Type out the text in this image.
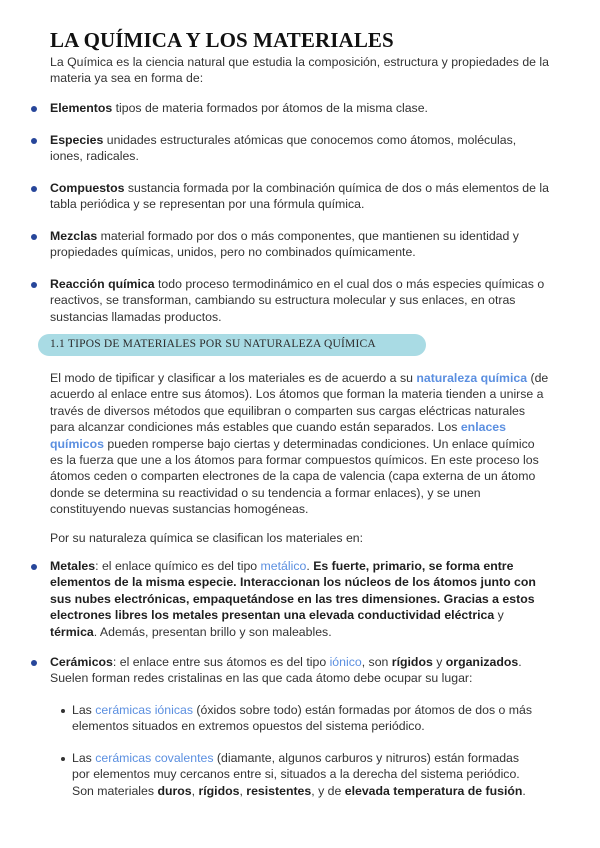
LA QUÍMICA Y LOS MATERIALES

La Química es la ciencia natural que estudia la composición, estructura y propiedades de la materia ya sea en forma de:

Elementos tipos de materia formados por átomos de la misma clase.

Especies unidades estructurales atómicas que conocemos como átomos, moléculas, iones, radicales.

Compuestos sustancia formada por la combinación química de dos o más elementos de la tabla periódica y se representan por una fórmula química.

Mezclas material formado por dos o más componentes, que mantienen su identidad y propiedades químicas, unidos, pero no combinados químicamente.

Reacción química todo proceso termodinámico en el cual dos o más especies químicas o reactivos, se transforman, cambiando su estructura molecular y sus enlaces, en otras sustancias llamadas productos.

1.1 TIPOS DE MATERIALES POR SU NATURALEZA QUÍMICA

El modo de tipificar y clasificar a los materiales es de acuerdo a su naturaleza química (de acuerdo al enlace entre sus átomos). Los átomos que forman la materia tienden a unirse a través de diversos métodos que equilibran o comparten sus cargas eléctricas naturales para alcanzar condiciones más estables que cuando están separados. Los enlaces químicos pueden romperse bajo ciertas y determinadas condiciones. Un enlace químico es la fuerza que une a los átomos para formar compuestos químicos. En este proceso los átomos ceden o comparten electrones de la capa de valencia (capa externa de un átomo donde se determina su reactividad o su tendencia a formar enlaces), y se unen constituyendo nuevas sustancias homogéneas.

Por su naturaleza química se clasifican los materiales en:

Metales: el enlace químico es del tipo metálico. Es fuerte, primario, se forma entre elementos de la misma especie. Interaccionan los núcleos de los átomos junto con sus nubes electrónicas, empaquetándose en las tres dimensiones. Gracias a estos electrones libres los metales presentan una elevada conductividad eléctrica y térmica. Además, presentan brillo y son maleables.

Cerámicos: el enlace entre sus átomos es del tipo iónico, son rígidos y organizados. Suelen forman redes cristalinas en las que cada átomo debe ocupar su lugar:

Las cerámicas iónicas (óxidos sobre todo) están formadas por átomos de dos o más elementos situados en extremos opuestos del sistema periódico.

Las cerámicas covalentes (diamante, algunos carburos y nitruros) están formadas por elementos muy cercanos entre si, situados a la derecha del sistema periódico. Son materiales duros, rígidos, resistentes, y de elevada temperatura de fusión.
